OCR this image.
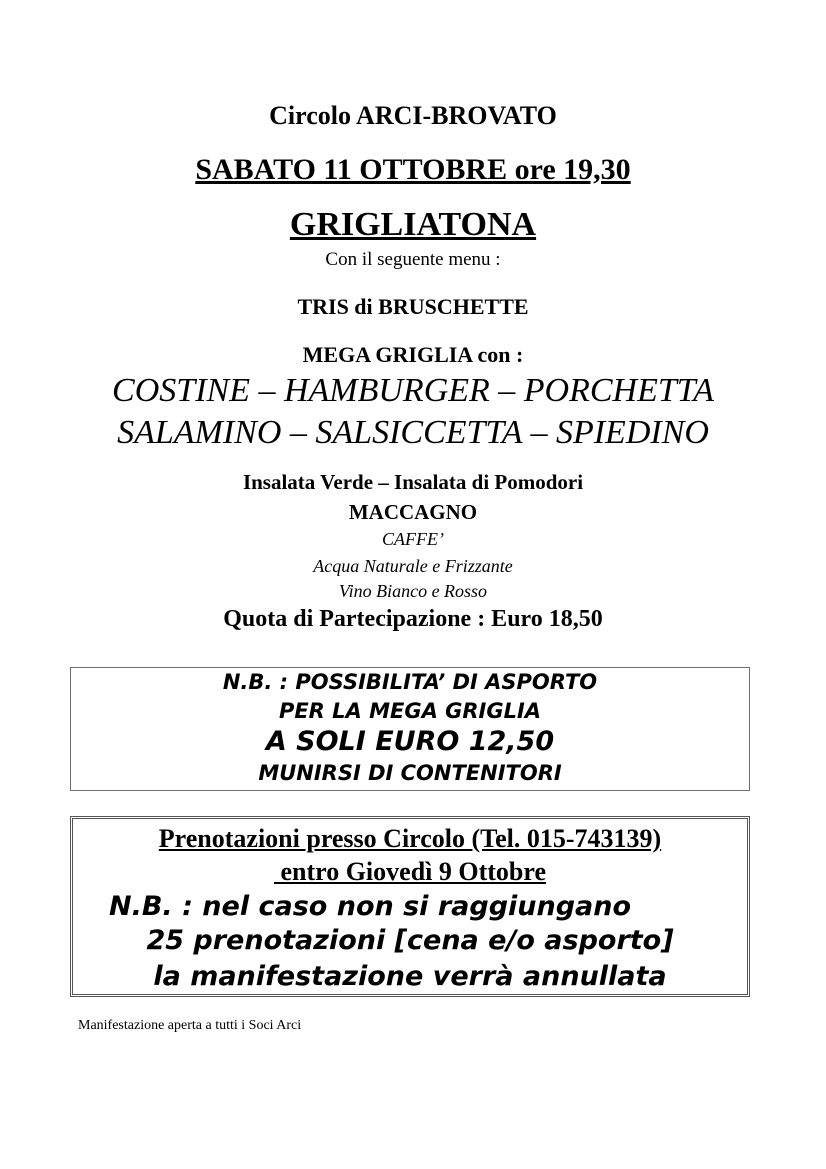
Circolo ARCI-BROVATO
SABATO 11 OTTOBRE ore 19,30
GRIGLIATONA
Con il seguente menu :
TRIS di BRUSCHETTE
MEGA GRIGLIA con :
COSTINE – HAMBURGER – PORCHETTA
SALAMINO – SALSICCETTA – SPIEDINO
Insalata Verde – Insalata di Pomodori
MACCAGNO
CAFFE’
Acqua Naturale e Frizzante
Vino Bianco e Rosso
Quota di Partecipazione : Euro 18,50
N.B. : POSSIBILITA’ DI ASPORTO
PER LA MEGA GRIGLIA
A SOLI EURO 12,50
MUNIRSI DI CONTENITORI
Prenotazioni presso Circolo (Tel. 015-743139)
entro Giovedì 9 Ottobre
N.B. : nel caso non si raggiungano
25 prenotazioni [cena e/o asporto]
la manifestazione verrà annullata
Manifestazione aperta a tutti i Soci Arci
